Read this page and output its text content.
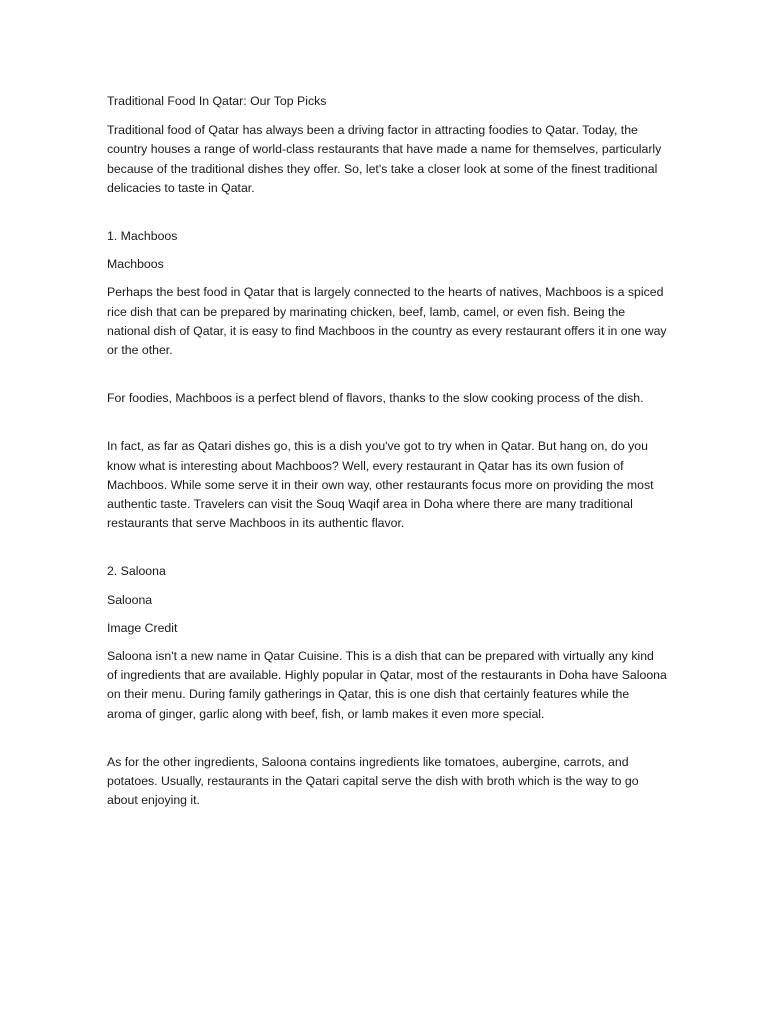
Traditional Food In Qatar: Our Top Picks

Traditional food of Qatar has always been a driving factor in attracting foodies to Qatar. Today, the country houses a range of world-class restaurants that have made a name for themselves, particularly because of the traditional dishes they offer. So, let's take a closer look at some of the finest traditional delicacies to taste in Qatar.

1. Machboos

Machboos

Perhaps the best food in Qatar that is largely connected to the hearts of natives, Machboos is a spiced rice dish that can be prepared by marinating chicken, beef, lamb, camel, or even fish. Being the national dish of Qatar, it is easy to find Machboos in the country as every restaurant offers it in one way or the other.

For foodies, Machboos is a perfect blend of flavors, thanks to the slow cooking process of the dish.

In fact, as far as Qatari dishes go, this is a dish you've got to try when in Qatar. But hang on, do you know what is interesting about Machboos? Well, every restaurant in Qatar has its own fusion of Machboos. While some serve it in their own way, other restaurants focus more on providing the most authentic taste. Travelers can visit the Souq Waqif area in Doha where there are many traditional restaurants that serve Machboos in its authentic flavor.

2. Saloona

Saloona

Image Credit

Saloona isn't a new name in Qatar Cuisine. This is a dish that can be prepared with virtually any kind of ingredients that are available. Highly popular in Qatar, most of the restaurants in Doha have Saloona on their menu. During family gatherings in Qatar, this is one dish that certainly features while the aroma of ginger, garlic along with beef, fish, or lamb makes it even more special.

As for the other ingredients, Saloona contains ingredients like tomatoes, aubergine, carrots, and potatoes. Usually, restaurants in the Qatari capital serve the dish with broth which is the way to go about enjoying it.
